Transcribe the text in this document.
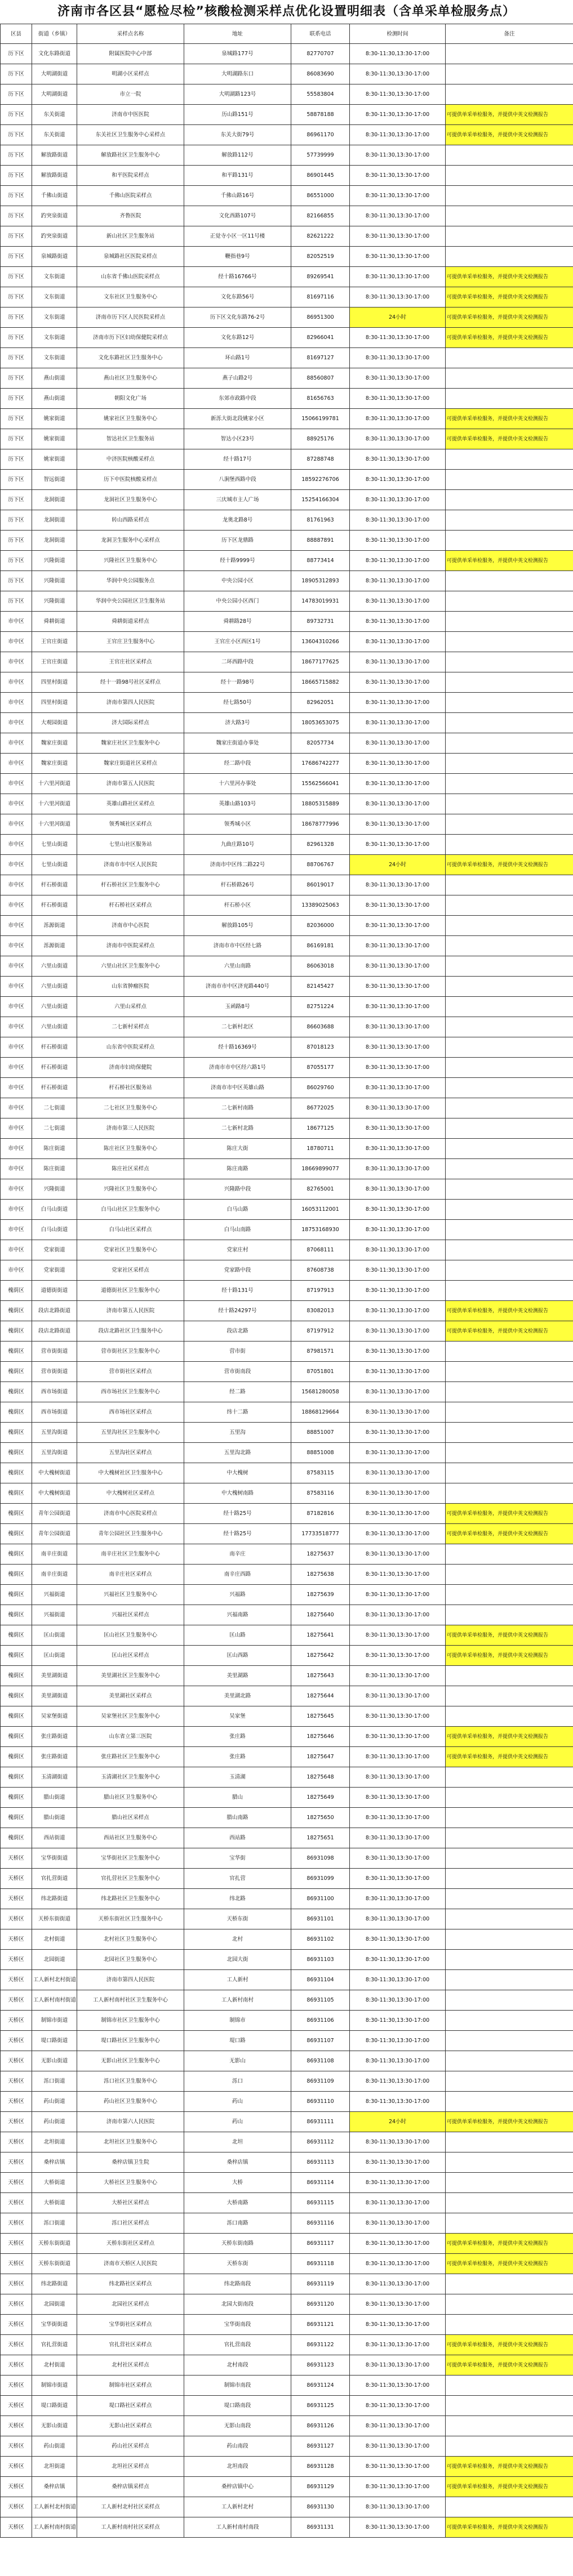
济南市各区县“愿检尽检”核酸检测采样点优化设置明细表（含单采单检服务点）
区县	街道（乡镇）	采样点名称	地址	联系电话	检测时间	备注
历下区	文化东路街道	附属医院中心中部	泉城路177号	82770707	8:30-11:30,13:30-17:00	
历下区	大明湖街道	明湖小区采样点	大明湖路东口	86083690	8:30-11:30,13:30-17:00	
历下区	大明湖街道	市立一院	大明湖路123号	55583804	8:30-11:30,13:30-17:00	
历下区	东关街道	济南市中医医院	历山路151号	58878188	8:30-11:30,13:30-17:00	可提供单采单检服务，并提供中英文检测报告
历下区	东关街道	东关社区卫生服务中心采样点	东关大街79号	86961170	8:30-11:30,13:30-17:00	可提供单采单检服务，并提供中英文检测报告
历下区	解放路街道	解放路社区卫生服务中心	解放路112号	57739999	8:30-11:30,13:30-17:00	
历下区	解放路街道	和平医院采样点	和平路131号	86901445	8:30-11:30,13:30-17:00	
历下区	千佛山街道	千佛山医院采样点	千佛山路16号	86551000	8:30-11:30,13:30-17:00	
历下区	趵突泉街道	齐鲁医院	文化西路107号	82166855	8:30-11:30,13:30-17:00	
历下区	趵突泉街道	新山社区卫生服务站	正觉寺小区一区11号楼	82621222	8:30-11:30,13:30-17:00	
历下区	泉城路街道	泉城路社区医院采样点	鞭指巷9号	82052519	8:30-11:30,13:30-17:00	
历下区	文东街道	山东省千佛山医院采样点	经十路16766号	89269541	8:30-11:30,13:30-17:00	可提供单采单检服务，并提供中英文检测报告
历下区	文东街道	文东社区卫生服务中心	文化东路56号	81697116	8:30-11:30,13:30-17:00	可提供单采单检服务，并提供中英文检测报告
历下区	文东街道	济南市历下区人民医院采样点	历下区文化东路76-2号	86951300	24小时	可提供单采单检服务，并提供中英文检测报告
历下区	文东街道	济南市历下区妇幼保健院采样点	文化东路12号	82966041	8:30-11:30,13:30-17:00	可提供单采单检服务，并提供中英文检测报告
历下区	文东街道	文化东路社区卫生服务中心	环山路1号	81697127	8:30-11:30,13:30-17:00	
历下区	燕山街道	燕山社区卫生服务中心	燕子山路2号	88560807	8:30-11:30,13:30-17:00	
历下区	燕山街道	朝阳文化广场	东郊市政路中段	81656763	8:30-11:30,13:30-17:00	
历下区	姚家街道	姚家社区卫生服务中心	新泺大街北段姚家小区	15066199781	8:30-11:30,13:30-17:00	可提供单采单检服务，并提供中英文检测报告
历下区	姚家街道	智达社区卫生服务站	智达小区23号	88925176	8:30-11:30,13:30-17:00	可提供单采单检服务，并提供中英文检测报告
历下区	姚家街道	中济医院核酸采样点	经十路17号	87288748	8:30-11:30,13:30-17:00	
历下区	智远街道	历下中医院核酸采样点	八涧堡西路中段	18592276706	8:30-11:30,13:30-17:00	
历下区	龙洞街道	龙洞社区卫生服务中心	三庆城市主人广场	15254166304	8:30-11:30,13:30-17:00	
历下区	龙洞街道	转山西路采样点	龙奥北路8号	81761963	8:30-11:30,13:30-17:00	
历下区	龙洞街道	龙洞卫生服务中心采样点	历下区龙鼎路	88887891	8:30-11:30,13:30-17:00	
历下区	兴隆街道	兴隆社区卫生服务中心	经十路9999号	88773414	8:30-11:30,13:30-17:00	可提供单采单检服务，并提供中英文检测报告
历下区	兴隆街道	华润中央公园服务点	中央公园小区	18905312893	8:30-11:30,13:30-17:00	
历下区	兴隆街道	华润中央公园社区卫生服务站	中央公园小区西门	14783019931	8:30-11:30,13:30-17:00	
市中区	舜耕街道	舜耕街道采样点	舜耕路28号	89732731	8:30-11:30,13:30-17:00	
市中区	王官庄街道	王官庄卫生服务中心	王官庄小区西区1号	13604310266	8:30-11:30,13:30-17:00	
市中区	王官庄街道	王官庄社区采样点	二环西路中段	18677177625	8:30-11:30,13:30-17:00	
市中区	四里村街道	经十一路98号社区采样点	经十一路98号	18665715882	8:30-11:30,13:30-17:00	
市中区	四里村街道	济南市第四人民医院	经七路50号	82962051	8:30-11:30,13:30-17:00	
市中区	大观园街道	济大国际采样点	济大路3号	18053653075	8:30-11:30,13:30-17:00	
市中区	魏家庄街道	魏家庄社区卫生服务中心	魏家庄街道办事处	82057734	8:30-11:30,13:30-17:00	
市中区	魏家庄街道	魏家庄街道社区采样点	经二路中段	17686742277	8:30-11:30,13:30-17:00	
市中区	十六里河街道	济南市第五人民医院	十六里河办事处	15562566041	8:30-11:30,13:30-17:00	
市中区	十六里河街道	英雄山路社区采样点	英雄山路103号	18805315889	8:30-11:30,13:30-17:00	
市中区	十六里河街道	领秀城社区采样点	领秀城小区	18678777996	8:30-11:30,13:30-17:00	
市中区	七里山街道	七里山社区服务站	九曲庄路10号	82961328	8:30-11:30,13:30-17:00	
市中区	七里山街道	济南市市中区人民医院	济南市中区纬二路22号	88706767	24小时	可提供单采单检服务，并提供中英文检测报告
市中区	杆石桥街道	杆石桥社区卫生服务中心	杆石桥路26号	86019017	8:30-11:30,13:30-17:00	
市中区	杆石桥街道	杆石桥社区采样点	杆石桥小区	13389025063	8:30-11:30,13:30-17:00	
市中区	泺源街道	济南市中心医院	解放路105号	82036000	8:30-11:30,13:30-17:00	
市中区	泺源街道	济南市中医院采样点	济南市市中区经七路	86169181	8:30-11:30,13:30-17:00	
市中区	六里山街道	六里山社区卫生服务中心	六里山南路	86063018	8:30-11:30,13:30-17:00	
市中区	六里山街道	山东省肿瘤医院	济南市市中区济兖路440号	82145427	8:30-11:30,13:30-17:00	
市中区	六里山街道	六里山采样点	玉函路8号	82751224	8:30-11:30,13:30-17:00	
市中区	六里山街道	二七新村采样点	二七新村北区	86603688	8:30-11:30,13:30-17:00	
市中区	杆石桥街道	山东省中医院采样点	经十路16369号	87018123	8:30-11:30,13:30-17:00	
市中区	杆石桥街道	济南市妇幼保健院	济南市市中区经六路1号	87055177	8:30-11:30,13:30-17:00	
市中区	杆石桥街道	杆石桥社区服务站	济南市市中区英雄山路	86029760	8:30-11:30,13:30-17:00	
市中区	二七街道	二七社区卫生服务中心	二七新村南路	86772025	8:30-11:30,13:30-17:00	
市中区	二七街道	济南市第三人民医院	二七新村北路	18677125	8:30-11:30,13:30-17:00	
市中区	陈庄街道	陈庄社区卫生服务中心	陈庄大街	18780711	8:30-11:30,13:30-17:00	
市中区	陈庄街道	陈庄社区采样点	陈庄南路	18669899077	8:30-11:30,13:30-17:00	
市中区	兴隆街道	兴隆社区卫生服务中心	兴隆路中段	82765001	8:30-11:30,13:30-17:00	
市中区	白马山街道	白马山社区卫生服务中心	白马山路	16053112001	8:30-11:30,13:30-17:00	
市中区	白马山街道	白马山社区采样点	白马山南路	18753168930	8:30-11:30,13:30-17:00	
市中区	党家街道	党家社区卫生服务中心	党家庄村	87068111	8:30-11:30,13:30-17:00	
市中区	党家街道	党家社区采样点	党家路中段	87608738	8:30-11:30,13:30-17:00	
槐荫区	道德街街道	道德街社区卫生服务中心	经十路131号	87197913	8:30-11:30,13:30-17:00	
槐荫区	段店北路街道	济南市第五人民医院	经十路24297号	83082013	8:30-11:30,13:30-17:00	可提供单采单检服务，并提供中英文检测报告
槐荫区	段店北路街道	段店北路社区卫生服务中心	段店北路	87197912	8:30-11:30,13:30-17:00	可提供单采单检服务，并提供中英文检测报告
槐荫区	营市街街道	营市街社区卫生服务中心	营市街	87981571	8:30-11:30,13:30-17:00	
槐荫区	营市街街道	营市街社区采样点	营市街南段	87051801	8:30-11:30,13:30-17:00	
槐荫区	西市场街道	西市场社区卫生服务中心	经二路	15681280058	8:30-11:30,13:30-17:00	
槐荫区	西市场街道	西市场社区采样点	纬十二路	18868129664	8:30-11:30,13:30-17:00	
槐荫区	五里沟街道	五里沟社区卫生服务中心	五里沟	88851007	8:30-11:30,13:30-17:00	
槐荫区	五里沟街道	五里沟社区采样点	五里沟北路	88851008	8:30-11:30,13:30-17:00	
槐荫区	中大槐树街道	中大槐树社区卫生服务中心	中大槐树	87583115	8:30-11:30,13:30-17:00	
槐荫区	中大槐树街道	中大槐树社区采样点	中大槐树南路	87583116	8:30-11:30,13:30-17:00	
槐荫区	青年公园街道	济南市中心医院采样点	经十路25号	87182816	8:30-11:30,13:30-17:00	可提供单采单检服务，并提供中英文检测报告
槐荫区	青年公园街道	青年公园社区卫生服务中心	经十路25号	17733518777	8:30-11:30,13:30-17:00	可提供单采单检服务，并提供中英文检测报告
槐荫区	南辛庄街道	南辛庄社区卫生服务中心	南辛庄	18275637	8:30-11:30,13:30-17:00	
槐荫区	南辛庄街道	南辛庄社区采样点	南辛庄西路	18275638	8:30-11:30,13:30-17:00	
槐荫区	兴福街道	兴福社区卫生服务中心	兴福路	18275639	8:30-11:30,13:30-17:00	
槐荫区	兴福街道	兴福社区采样点	兴福南路	18275640	8:30-11:30,13:30-17:00	
槐荫区	匡山街道	匡山社区卫生服务中心	匡山路	18275641	8:30-11:30,13:30-17:00	可提供单采单检服务，并提供中英文检测报告
槐荫区	匡山街道	匡山社区采样点	匡山西路	18275642	8:30-11:30,13:30-17:00	可提供单采单检服务，并提供中英文检测报告
槐荫区	美里湖街道	美里湖社区卫生服务中心	美里湖路	18275643	8:30-11:30,13:30-17:00	
槐荫区	美里湖街道	美里湖社区采样点	美里湖北路	18275644	8:30-11:30,13:30-17:00	
槐荫区	吴家堡街道	吴家堡社区卫生服务中心	吴家堡	18275645	8:30-11:30,13:30-17:00	
槐荫区	张庄路街道	山东省立第三医院	张庄路	18275646	8:30-11:30,13:30-17:00	可提供单采单检服务，并提供中英文检测报告
槐荫区	张庄路街道	张庄路社区卫生服务中心	张庄路	18275647	8:30-11:30,13:30-17:00	可提供单采单检服务，并提供中英文检测报告
槐荫区	玉清湖街道	玉清湖社区卫生服务中心	玉清湖	18275648	8:30-11:30,13:30-17:00	
槐荫区	腊山街道	腊山社区卫生服务中心	腊山	18275649	8:30-11:30,13:30-17:00	
槐荫区	腊山街道	腊山社区采样点	腊山南路	18275650	8:30-11:30,13:30-17:00	
槐荫区	西站街道	西站社区卫生服务中心	西站路	18275651	8:30-11:30,13:30-17:00	
天桥区	宝华街街道	宝华街社区卫生服务中心	宝华街	86931098	8:30-11:30,13:30-17:00	
天桥区	官扎营街道	官扎营社区卫生服务中心	官扎营	86931099	8:30-11:30,13:30-17:00	
天桥区	纬北路街道	纬北路社区卫生服务中心	纬北路	86931100	8:30-11:30,13:30-17:00	
天桥区	天桥东街街道	天桥东街社区卫生服务中心	天桥东街	86931101	8:30-11:30,13:30-17:00	
天桥区	北村街道	北村社区卫生服务中心	北村	86931102	8:30-11:30,13:30-17:00	
天桥区	北园街道	北园社区卫生服务中心	北园大街	86931103	8:30-11:30,13:30-17:00	
天桥区	工人新村北村街道	济南市第四人民医院	工人新村	86931104	8:30-11:30,13:30-17:00	
天桥区	工人新村南村街道	工人新村南村社区卫生服务中心	工人新村南村	86931105	8:30-11:30,13:30-17:00	
天桥区	制锦市街道	制锦市社区卫生服务中心	制锦市	86931106	8:30-11:30,13:30-17:00	
天桥区	堤口路街道	堤口路社区卫生服务中心	堤口路	86931107	8:30-11:30,13:30-17:00	
天桥区	无影山街道	无影山社区卫生服务中心	无影山	86931108	8:30-11:30,13:30-17:00	
天桥区	泺口街道	泺口社区卫生服务中心	泺口	86931109	8:30-11:30,13:30-17:00	
天桥区	药山街道	药山社区卫生服务中心	药山	86931110	8:30-11:30,13:30-17:00	
天桥区	药山街道	济南市第六人民医院	药山	86931111	24小时	可提供单采单检服务，并提供中英文检测报告
天桥区	北坦街道	北坦社区卫生服务中心	北坦	86931112	8:30-11:30,13:30-17:00	
天桥区	桑梓店镇	桑梓店镇卫生院	桑梓店镇	86931113	8:30-11:30,13:30-17:00	
天桥区	大桥街道	大桥社区卫生服务中心	大桥	86931114	8:30-11:30,13:30-17:00	
天桥区	大桥街道	大桥社区采样点	大桥南路	86931115	8:30-11:30,13:30-17:00	
天桥区	泺口街道	泺口社区采样点	泺口南路	86931116	8:30-11:30,13:30-17:00	
天桥区	天桥东街街道	天桥东街社区采样点	天桥东街南路	86931117	8:30-11:30,13:30-17:00	可提供单采单检服务，并提供中英文检测报告
天桥区	天桥东街街道	济南市天桥区人民医院	天桥东街	86931118	8:30-11:30,13:30-17:00	可提供单采单检服务，并提供中英文检测报告
天桥区	纬北路街道	纬北路社区采样点	纬北路南段	86931119	8:30-11:30,13:30-17:00	
天桥区	北园街道	北园社区采样点	北园大街南段	86931120	8:30-11:30,13:30-17:00	
天桥区	宝华街街道	宝华街社区采样点	宝华街南段	86931121	8:30-11:30,13:30-17:00	
天桥区	官扎营街道	官扎营社区采样点	官扎营南段	86931122	8:30-11:30,13:30-17:00	可提供单采单检服务，并提供中英文检测报告
天桥区	北村街道	北村社区采样点	北村南段	86931123	8:30-11:30,13:30-17:00	可提供单采单检服务，并提供中英文检测报告
天桥区	制锦市街道	制锦市社区采样点	制锦市南段	86931124	8:30-11:30,13:30-17:00	
天桥区	堤口路街道	堤口路社区采样点	堤口路南段	86931125	8:30-11:30,13:30-17:00	
天桥区	无影山街道	无影山社区采样点	无影山南段	86931126	8:30-11:30,13:30-17:00	
天桥区	药山街道	药山社区采样点	药山南段	86931127	8:30-11:30,13:30-17:00	
天桥区	北坦街道	北坦社区采样点	北坦南段	86931128	8:30-11:30,13:30-17:00	可提供单采单检服务，并提供中英文检测报告
天桥区	桑梓店镇	桑梓店镇采样点	桑梓店镇中心	86931129	8:30-11:30,13:30-17:00	可提供单采单检服务，并提供中英文检测报告
天桥区	工人新村北村街道	工人新村北村社区采样点	工人新村北村	86931130	8:30-11:30,13:30-17:00	
天桥区	工人新村南村街道	工人新村南村社区采样点	工人新村南村南段	86931131	8:30-11:30,13:30-17:00	可提供单采单检服务，并提供中英文检测报告
